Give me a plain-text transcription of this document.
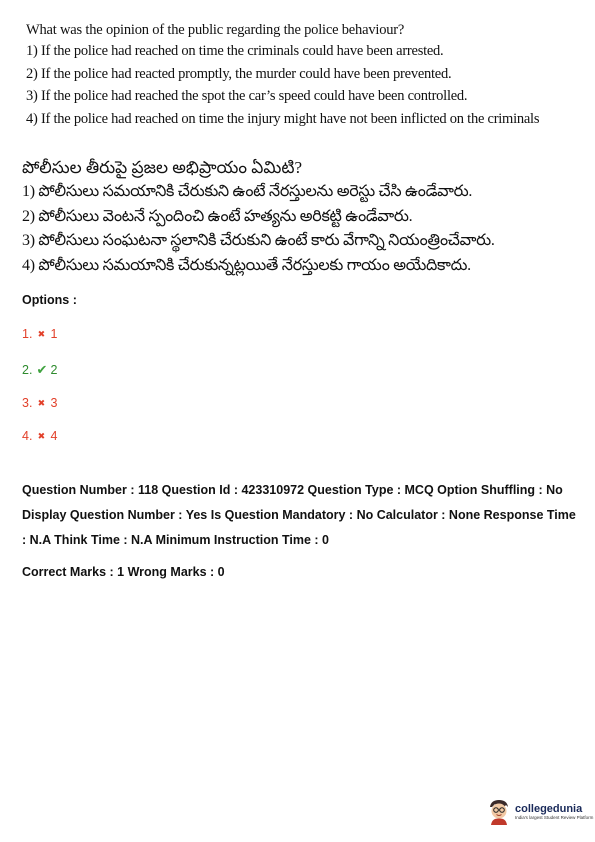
What was the opinion of the public regarding the police behaviour?
1) If the police had reached on time the criminals could have been arrested.
2) If the police had reacted promptly, the murder could have been prevented.
3) If the police had reached the spot the car’s speed could have been controlled.
4) If the police had reached on time the injury might have not been inflicted on the criminals
పోలీసుల తీరుపై ప్రజల అభిప్రాయం ఏమిటి?
1) పోలీసులు సమయానికి చేరుకుని ఉంటే నేరస్తులను అరెస్టు చేసి ఉండేవారు.
2) పోలీసులు వెంటనే స్పందించి ఉంటే హత్యను అరికట్టి ఉండేవారు.
3) పోలీసులు సంఘటనా స్థలానికి చేరుకుని ఉంటే కారు వేగాన్ని నియంత్రించేవారు.
4) పోలీసులు సమయానికి చేరుకున్నట్లయితే నేరస్తులకు గాయం అయేదికాదు.
Options :
1. ✖ 1
2. ✔ 2
3. ✖ 3
4. ✖ 4
Question Number : 118 Question Id : 423310972 Question Type : MCQ Option Shuffling : No
Display Question Number : Yes Is Question Mandatory : No Calculator : None Response Time
: N.A Think Time : N.A Minimum Instruction Time : 0
Correct Marks : 1 Wrong Marks : 0
collegedunia
India's largest Student Review Platform
